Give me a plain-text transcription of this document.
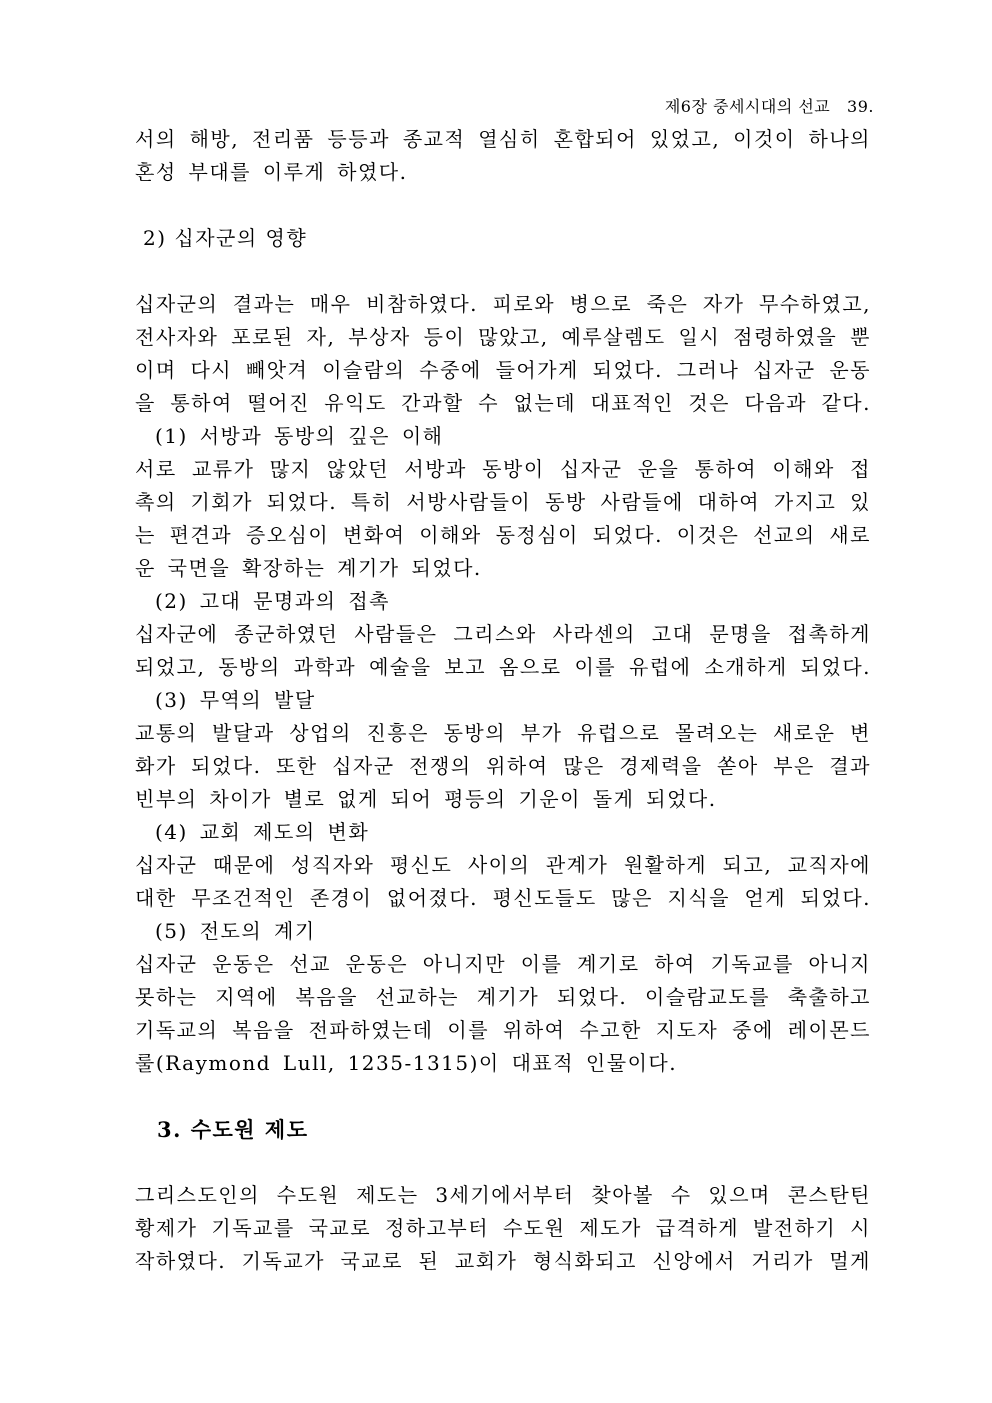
제6장 중세시대의 선교 39.
서의 해방, 전리품 등등과 종교적 열심히 혼합되어 있었고, 이것이 하나의
혼성 부대를 이루게 하였다.
2) 십자군의 영향
십자군의 결과는 매우 비참하였다. 피로와 병으로 죽은 자가 무수하였고,
전사자와 포로된 자, 부상자 등이 많았고, 예루살렘도 일시 점령하였을 뿐
이며 다시 빼앗겨 이슬람의 수중에 들어가게 되었다. 그러나 십자군 운동
을 통하여 떨어진 유익도 간과할 수 없는데 대표적인 것은 다음과 같다.
(1) 서방과 동방의 깊은 이해
서로 교류가 많지 않았던 서방과 동방이 십자군 운을 통하여 이해와 접
촉의 기회가 되었다. 특히 서방사람들이 동방 사람들에 대하여 가지고 있
는 편견과 증오심이 변화여 이해와 동정심이 되었다. 이것은 선교의 새로
운 국면을 확장하는 계기가 되었다.
(2) 고대 문명과의 접촉
십자군에 종군하였던 사람들은 그리스와 사라센의 고대 문명을 접촉하게
되었고, 동방의 과학과 예술을 보고 옴으로 이를 유럽에 소개하게 되었다.
(3) 무역의 발달
교통의 발달과 상업의 진흥은 동방의 부가 유럽으로 몰려오는 새로운 변
화가 되었다. 또한 십자군 전쟁의 위하여 많은 경제력을 쏟아 부은 결과
빈부의 차이가 별로 없게 되어 평등의 기운이 돌게 되었다.
(4) 교회 제도의 변화
십자군 때문에 성직자와 평신도 사이의 관계가 원활하게 되고, 교직자에
대한 무조건적인 존경이 없어졌다. 평신도들도 많은 지식을 얻게 되었다.
(5) 전도의 계기
십자군 운동은 선교 운동은 아니지만 이를 계기로 하여 기독교를 아니지
못하는 지역에 복음을 선교하는 계기가 되었다. 이슬람교도를 축출하고
기독교의 복음을 전파하였는데 이를 위하여 수고한 지도자 중에 레이몬드
룰(Raymond Lull, 1235-1315)이 대표적 인물이다.
3. 수도원 제도
그리스도인의 수도원 제도는 3세기에서부터 찾아볼 수 있으며 콘스탄틴
황제가 기독교를 국교로 정하고부터 수도원 제도가 급격하게 발전하기 시
작하였다. 기독교가 국교로 된 교회가 형식화되고 신앙에서 거리가 멀게
